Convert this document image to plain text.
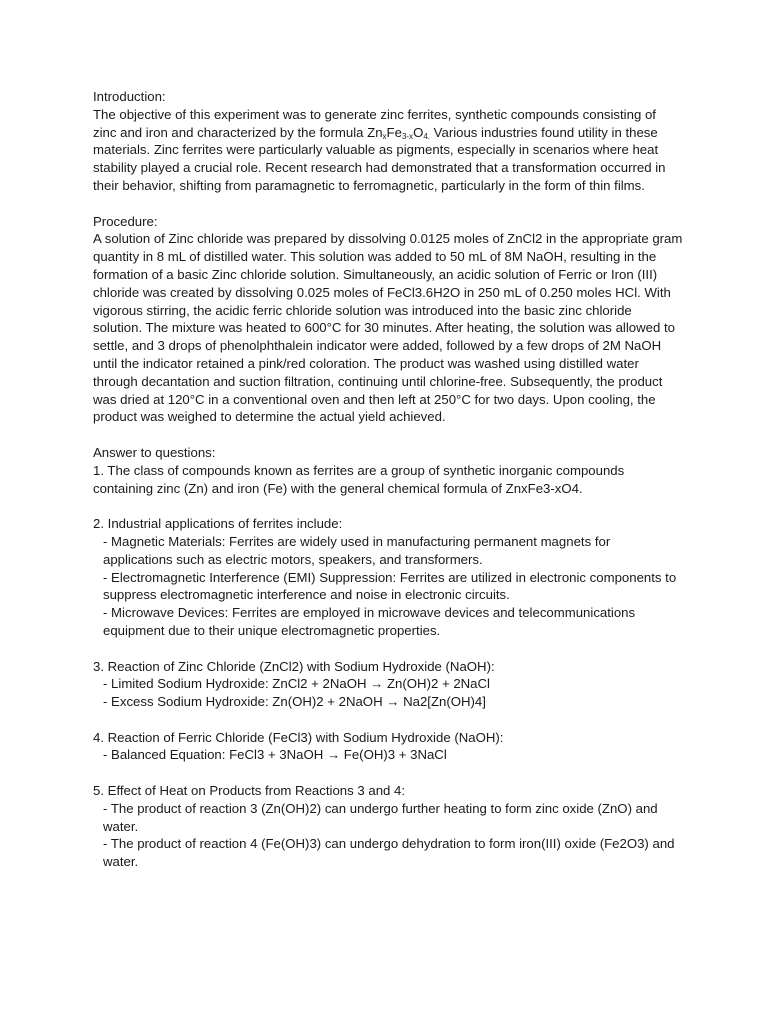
Introduction:

The objective of this experiment was to generate zinc ferrites, synthetic compounds consisting of zinc and iron and characterized by the formula $Zn_xFe_{3-x}O_{4.}$ Various industries found utility in these materials. Zinc ferrites were particularly valuable as pigments, especially in scenarios where heat stability played a crucial role. Recent research had demonstrated that a transformation occurred in their behavior, shifting from paramagnetic to ferromagnetic, particularly in the form of thin films.

Procedure:

A solution of Zinc chloride was prepared by dissolving 0.0125 moles of ZnCl2 in the appropriate gram quantity in 8 mL of distilled water. This solution was added to 50 mL of 8M NaOH, resulting in the formation of a basic Zinc chloride solution. Simultaneously, an acidic solution of Ferric or Iron (III) chloride was created by dissolving 0.025 moles of FeCl3.6H2O in 250 mL of 0.250 moles HCl. With vigorous stirring, the acidic ferric chloride solution was introduced into the basic zinc chloride solution. The mixture was heated to 600°C for 30 minutes. After heating, the solution was allowed to settle, and 3 drops of phenolphthalein indicator were added, followed by a few drops of 2M NaOH until the indicator retained a pink/red coloration. The product was washed using distilled water through decantation and suction filtration, continuing until chlorine-free. Subsequently, the product was dried at 120°C in a conventional oven and then left at 250°C for two days. Upon cooling, the product was weighed to determine the actual yield achieved.

Answer to questions:

1. The class of compounds known as ferrites are a group of synthetic inorganic compounds containing zinc (Zn) and iron (Fe) with the general chemical formula of ZnxFe3-xO4.

2. Industrial applications of ferrites include:

- Magnetic Materials: Ferrites are widely used in manufacturing permanent magnets for applications such as electric motors, speakers, and transformers.

- Electromagnetic Interference (EMI) Suppression: Ferrites are utilized in electronic components to suppress electromagnetic interference and noise in electronic circuits.

- Microwave Devices: Ferrites are employed in microwave devices and telecommunications equipment due to their unique electromagnetic properties.

3. Reaction of Zinc Chloride (ZnCl2) with Sodium Hydroxide (NaOH):

- Limited Sodium Hydroxide: ZnCl2 + 2NaOH → Zn(OH)2 + 2NaCl

- Excess Sodium Hydroxide: Zn(OH)2 + 2NaOH → Na2[Zn(OH)4]

4. Reaction of Ferric Chloride (FeCl3) with Sodium Hydroxide (NaOH):

- Balanced Equation: FeCl3 + 3NaOH → Fe(OH)3 + 3NaCl

5. Effect of Heat on Products from Reactions 3 and 4:

- The product of reaction 3 (Zn(OH)2) can undergo further heating to form zinc oxide (ZnO) and water.

- The product of reaction 4 (Fe(OH)3) can undergo dehydration to form iron(III) oxide (Fe2O3) and water.
